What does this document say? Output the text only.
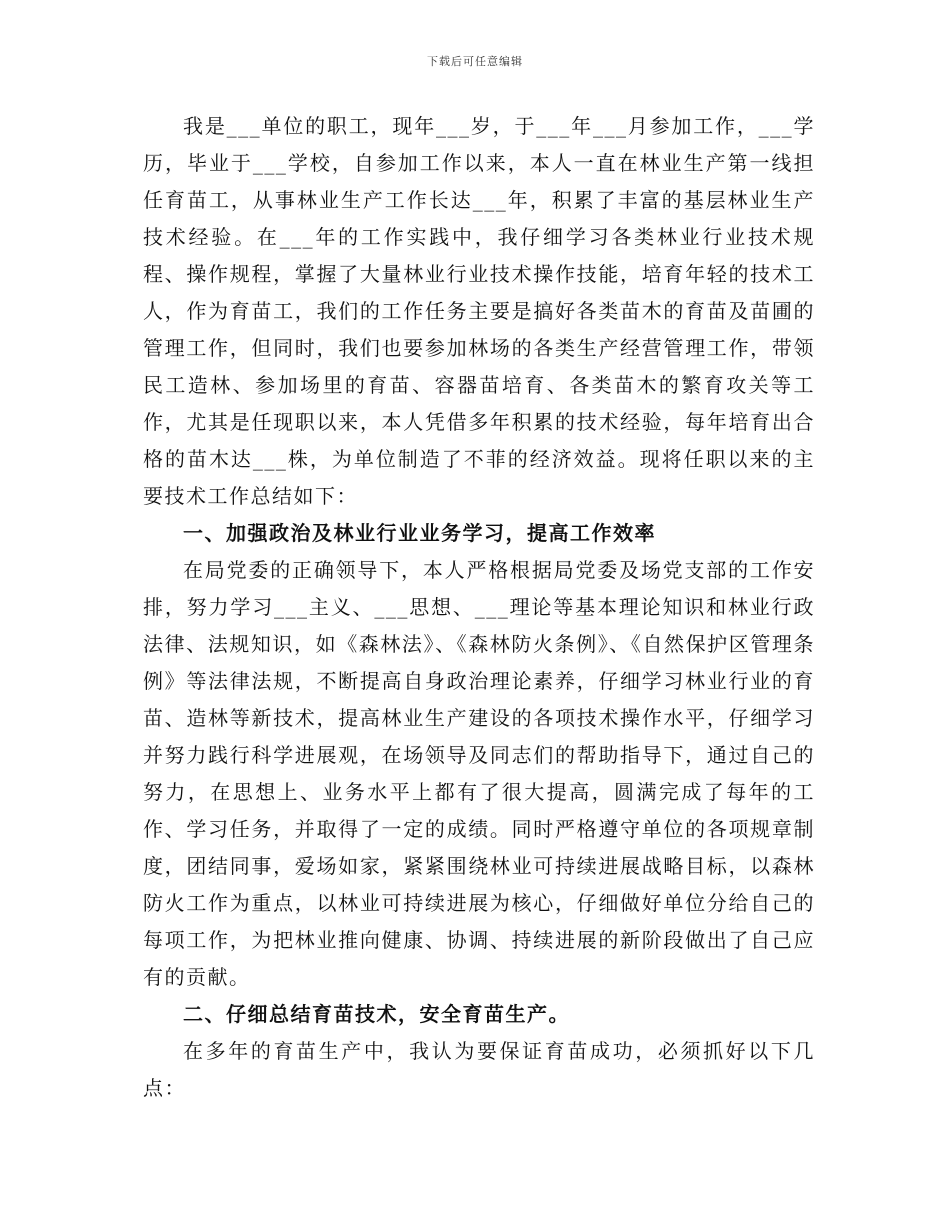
下载后可任意编辑

我是___单位的职工，现年___岁，于___年___月参加工作，___学历，毕业于___学校，自参加工作以来，本人一直在林业生产第一线担任育苗工，从事林业生产工作长达___年，积累了丰富的基层林业生产技术经验。在___年的工作实践中，我仔细学习各类林业行业技术规程、操作规程，掌握了大量林业行业技术操作技能，培育年轻的技术工人，作为育苗工，我们的工作任务主要是搞好各类苗木的育苗及苗圃的管理工作，但同时，我们也要参加林场的各类生产经营管理工作，带领民工造林、参加场里的育苗、容器苗培育、各类苗木的繁育攻关等工作，尤其是任现职以来，本人凭借多年积累的技术经验，每年培育出合格的苗木达___株，为单位制造了不菲的经济效益。现将任职以来的主要技术工作总结如下：

一、加强政治及林业行业业务学习，提高工作效率

在局党委的正确领导下，本人严格根据局党委及场党支部的工作安排，努力学习___主义、___思想、___理论等基本理论知识和林业行政法律、法规知识，如《森林法》、《森林防火条例》、《自然保护区管理条例》等法律法规，不断提高自身政治理论素养，仔细学习林业行业的育苗、造林等新技术，提高林业生产建设的各项技术操作水平，仔细学习并努力践行科学进展观，在场领导及同志们的帮助指导下，通过自己的努力，在思想上、业务水平上都有了很大提高，圆满完成了每年的工作、学习任务，并取得了一定的成绩。同时严格遵守单位的各项规章制度，团结同事，爱场如家，紧紧围绕林业可持续进展战略目标，以森林防火工作为重点，以林业可持续进展为核心，仔细做好单位分给自己的每项工作，为把林业推向健康、协调、持续进展的新阶段做出了自己应有的贡献。

二、仔细总结育苗技术，安全育苗生产。

在多年的育苗生产中，我认为要保证育苗成功，必须抓好以下几点：
